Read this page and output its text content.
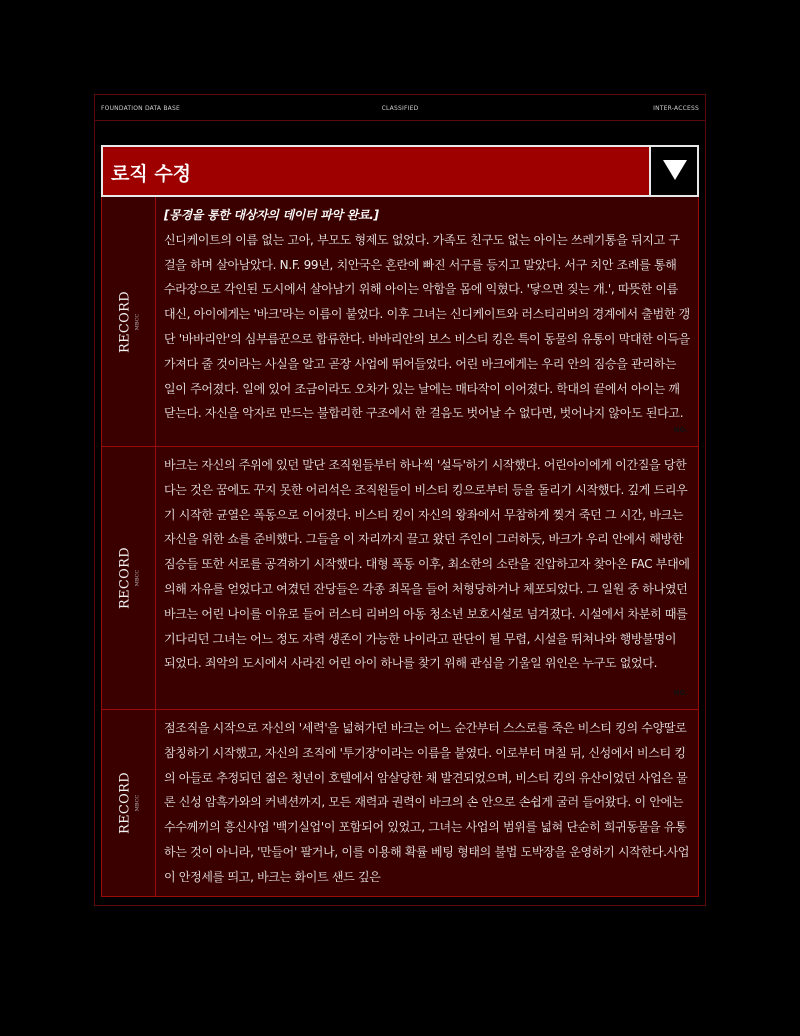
FOUNDATION DATA BASE	CLASSIFIED	INTER-ACCESS
로직 수정
RECORD MBCC
[몽경을 통한 대상자의 데이터 파악 완료.]
신디케이트의 이름 없는 고아, 부모도 형제도 없었다. 가족도 친구도 없는 아이는 쓰레기통을 뒤지고 구걸을 하며 살아남았다. N.F. 99년, 치안국은 혼란에 빠진 서구를 등지고 말았다. 서구 치안 조례를 통해 수라장으로 각인된 도시에서 살아남기 위해 아이는 악함을 몸에 익혔다. '닿으면 짖는 개.', 따뜻한 이름 대신, 아이에게는 '바크'라는 이름이 붙었다. 이후 그녀는 신디케이트와 러스티리버의 경계에서 출범한 갱단 '바바리안'의 심부름꾼으로 합류한다. 바바리안의 보스 비스티 킹은 특이 동물의 유통이 막대한 이득을 가져다 줄 것이라는 사실을 알고 곧장 사업에 뛰어들었다. 어린 바크에게는 우리 안의 짐승을 관리하는 일이 주어졌다. 일에 있어 조금이라도 오차가 있는 날에는 매타작이 이어졌다. 학대의 끝에서 아이는 깨닫는다. 자신을 악자로 만드는 불합리한 구조에서 한 걸음도 벗어날 수 없다면, 벗어나지 않아도 된다고.
NO.
RECORD MBCC
바크는 자신의 주위에 있던 말단 조직원들부터 하나씩 '설득'하기 시작했다. 어린아이에게 이간질을 당한다는 것은 꿈에도 꾸지 못한 어리석은 조직원들이 비스티 킹으로부터 등을 돌리기 시작했다. 깊게 드리우기 시작한 균열은 폭동으로 이어졌다. 비스티 킹이 자신의 왕좌에서 무참하게 찢겨 죽던 그 시간, 바크는 자신을 위한 쇼를 준비했다. 그들을 이 자리까지 끌고 왔던 주인이 그러하듯, 바크가 우리 안에서 해방한 짐승들 또한 서로를 공격하기 시작했다. 대형 폭동 이후, 최소한의 소란을 진압하고자 찾아온 FAC 부대에 의해 자유를 얻었다고 여겼던 잔당들은 각종 죄목을 들어 처형당하거나 체포되었다. 그 일원 중 하나였던 바크는 어린 나이를 이유로 들어 러스티 리버의 아동 청소년 보호시설로 넘겨졌다. 시설에서 차분히 때를 기다리던 그녀는 어느 정도 자력 생존이 가능한 나이라고 판단이 될 무렵, 시설을 뛰쳐나와 행방불명이 되었다. 죄악의 도시에서 사라진 어린 아이 하나를 찾기 위해 관심을 기울일 위인은 누구도 없었다.
NO.
RECORD MBCC
점조직을 시작으로 자신의 '세력'을 넓혀가던 바크는 어느 순간부터 스스로를 죽은 비스티 킹의 수양딸로 참칭하기 시작했고, 자신의 조직에 '투기장'이라는 이름을 붙였다. 이로부터 며칠 뒤, 신성에서 비스티 킹의 아들로 추정되던 젊은 청년이 호텔에서 암살당한 채 발견되었으며, 비스티 킹의 유산이었던 사업은 물론 신성 암흑가와의 커넥션까지, 모든 재력과 권력이 바크의 손 안으로 손쉽게 굴러 들어왔다. 이 안에는 수수께끼의 흥신사업 '백기실업'이 포함되어 있었고, 그녀는 사업의 범위를 넓혀 단순히 희귀동물을 유통하는 것이 아니라, '만들어' 팔거나, 이를 이용해 확률 베팅 형태의 불법 도박장을 운영하기 시작한다.사업이 안정세를 띄고, 바크는 화이트 샌드 깊은
